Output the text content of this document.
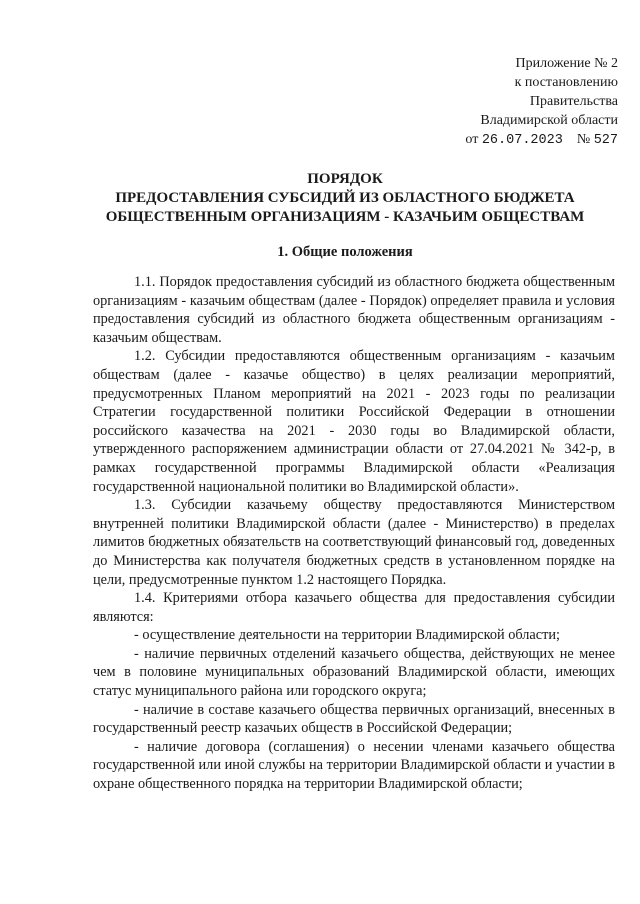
Приложение № 2
к постановлению
Правительства
Владимирской области
от 26.07.2023 № 527
ПОРЯДОК
ПРЕДОСТАВЛЕНИЯ СУБСИДИЙ ИЗ ОБЛАСТНОГО БЮДЖЕТА
ОБЩЕСТВЕННЫМ ОРГАНИЗАЦИЯМ - КАЗАЧЬИМ ОБЩЕСТВАМ
1. Общие положения

1.1. Порядок предоставления субсидий из областного бюджета общественным организациям - казачьим обществам (далее - Порядок) определяет правила и условия предоставления субсидий из областного бюджета общественным организациям - казачьим обществам.

1.2. Субсидии предоставляются общественным организациям - казачьим обществам (далее - казачье общество) в целях реализации мероприятий, предусмотренных Планом мероприятий на 2021 - 2023 годы по реализации Стратегии государственной политики Российской Федерации в отношении российского казачества на 2021 - 2030 годы во Владимирской области, утвержденного распоряжением администрации области от 27.04.2021 № 342-р, в рамках государственной программы Владимирской области «Реализация государственной национальной политики во Владимирской области».

1.3. Субсидии казачьему обществу предоставляются Министерством внутренней политики Владимирской области (далее - Министерство) в пределах лимитов бюджетных обязательств на соответствующий финансовый год, доведенных до Министерства как получателя бюджетных средств в установленном порядке на цели, предусмотренные пунктом 1.2 настоящего Порядка.

1.4. Критериями отбора казачьего общества для предоставления субсидии являются:

- осуществление деятельности на территории Владимирской области;

- наличие первичных отделений казачьего общества, действующих не менее чем в половине муниципальных образований Владимирской области, имеющих статус муниципального района или городского округа;

- наличие в составе казачьего общества первичных организаций, внесенных в государственный реестр казачьих обществ в Российской Федерации;

- наличие договора (соглашения) о несении членами казачьего общества государственной или иной службы на территории Владимирской области и участии в охране общественного порядка на территории Владимирской области;
